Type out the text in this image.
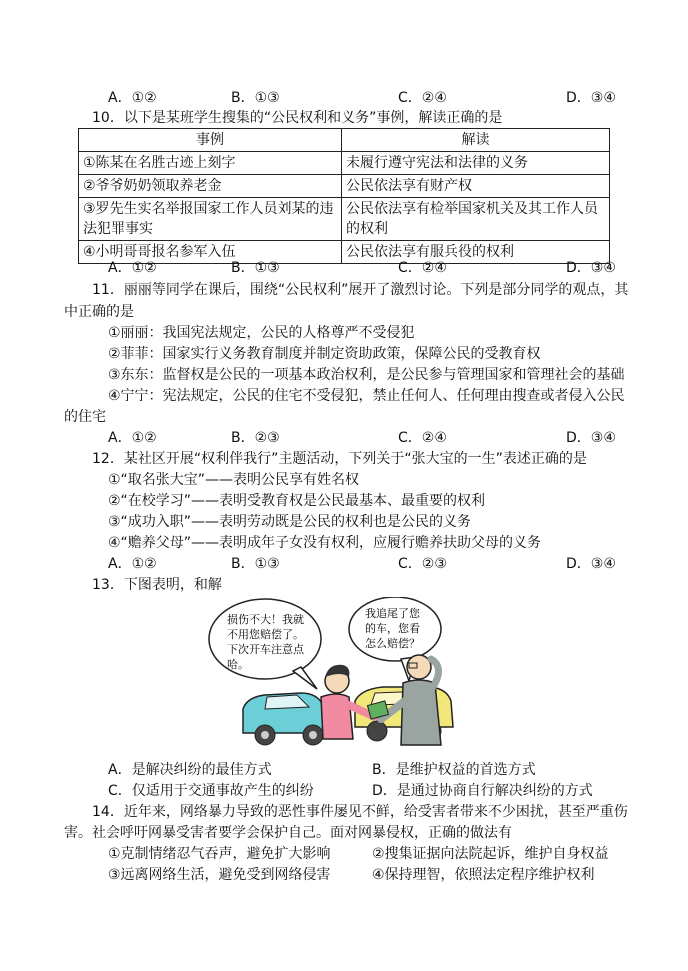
A．①②	B．①③	C．②④	D．③④
10．以下是某班学生搜集的“公民权利和义务”事例，解读正确的是
事例	解读
①陈某在名胜古迹上刻字	未履行遵守宪法和法律的义务
②爷爷奶奶领取养老金	公民依法享有财产权
③罗先生实名举报国家工作人员刘某的违法犯罪事实	公民依法享有检举国家机关及其工作人员的权利
④小明哥哥报名参军入伍	公民依法享有服兵役的权利
A．①②	B．①③	C．②④	D．③④
11．丽丽等同学在课后，围绕“公民权利”展开了激烈讨论。下列是部分同学的观点，其
中正确的是
①丽丽：我国宪法规定，公民的人格尊严不受侵犯
②菲菲：国家实行义务教育制度并制定资助政策，保障公民的受教育权
③东东：监督权是公民的一项基本政治权利，是公民参与管理国家和管理社会的基础
④宁宁：宪法规定，公民的住宅不受侵犯，禁止任何人、任何理由搜查或者侵入公民
的住宅
A．①②	B．②③	C．②④	D．③④
12．某社区开展“权利伴我行”主题活动，下列关于“张大宝的一生”表述正确的是
①“取名张大宝”——表明公民享有姓名权
②“在校学习”——表明受教育权是公民最基本、最重要的权利
③“成功入职”——表明劳动既是公民的权利也是公民的义务
④“赡养父母”——表明成年子女没有权利，应履行赡养扶助父母的义务
A．①②	B．①③	C．②③	D．③④
13．下图表明，和解
损伤不大！我就
不用您赔偿了。
下次开车注意点
哈。
我追尾了您
的车，您看
怎么赔偿？
A．是解决纠纷的最佳方式	B．是维护权益的首选方式
C．仅适用于交通事故产生的纠纷	D．是通过协商自行解决纠纷的方式
14．近年来，网络暴力导致的恶性事件屡见不鲜，给受害者带来不少困扰，甚至严重伤
害。社会呼吁网暴受害者要学会保护自己。面对网暴侵权，正确的做法有
①克制情绪忍气吞声，避免扩大影响	②搜集证据向法院起诉，维护自身权益
③远离网络生活，避免受到网络侵害	④保持理智，依照法定程序维护权利
